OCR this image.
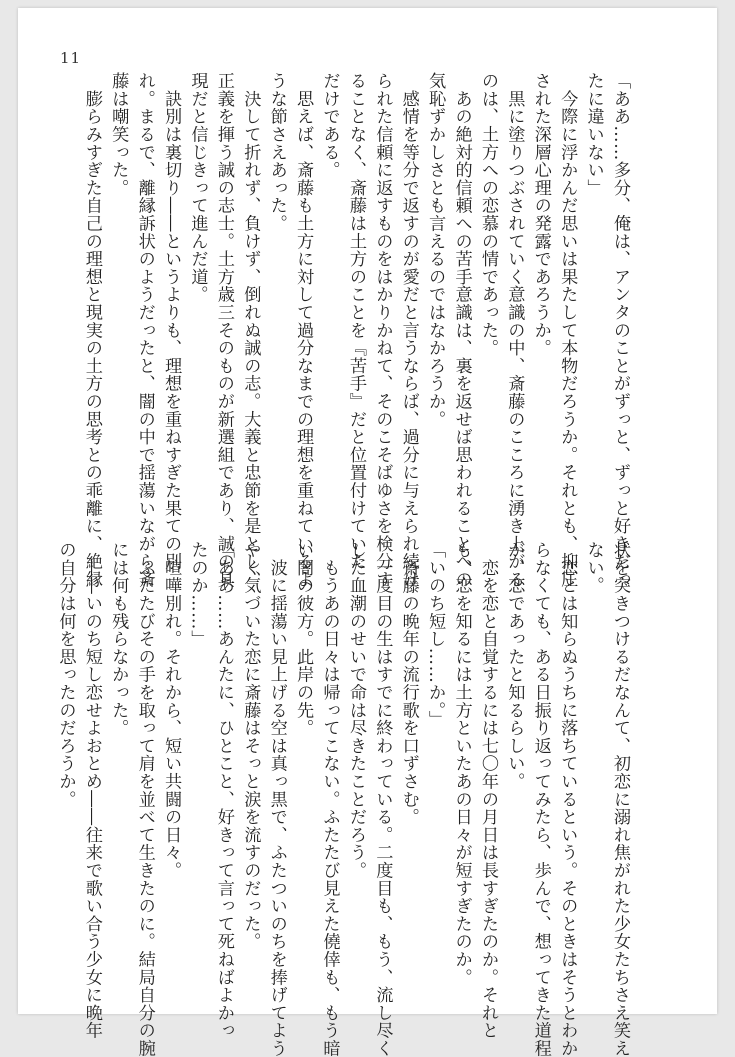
11
「ああ……多分、俺は、アンタのことがずっと、ずっと好きだっ
たに違いない」
　今際に浮かんだ思いは果たして本物だろうか。それとも、抑圧
された深層心理の発露であろうか。
　黒に塗りつぶされていく意識の中、斎藤のこころに湧き上がる
のは、土方への恋慕の情であった。
　あの絶対的信頼への苦手意識は、裏を返せば思われることへの
気恥ずかしさとも言えるのではなかろうか。
　感情を等分で返すのが愛だと言うならば、過分に与えられ続け
られた信頼に返すものをはかりかねて、そのこそばゆさを検分す
ることなく、斎藤は土方のことを『苦手』だと位置付けていた
だけである。
　思えば、斎藤も土方に対して過分なまでの理想を重ねているよ
うな節さえあった。
　決して折れず、負けず、倒れぬ誠の志。大義と忠節を是とし、
正義を揮う誠の志士。土方歳三そのものが新選組であり、誠の具
現だと信じきって進んだ道。
　訣別は裏切り――というよりも、理想を重ねすぎた果ての別
れ。まるで、離縁訴状のようだったと、闇の中で揺蕩いながら斎
藤は嘲笑った。
　膨らみすぎた自己の理想と現実の土方の思考との乖離に、絶縁
状を突きつけるだなんて、初恋に溺れ焦がれた少女たちさえ笑え
ない。
　恋とは知らぬうちに落ちているという。そのときはそうとわか
らなくても、ある日振り返ってみたら、歩んで、想ってきた道程
が、恋であったと知るらしい。
　恋を恋と自覚するには七〇年の月日は長すぎたのか。それと
も、恋を知るには土方といたあの日々が短すぎたのか。
「いのち短し……か。」
　斎藤の晩年の流行歌を口ずさむ。
　一度目の生はすでに終わっている。二度目も、もう、流し尽く
した血潮のせいで命は尽きたことだろう。
　もうあの日々は帰ってこない。ふたたび見えた僥倖も、もう暗
い闇の彼方。此岸の先。
　波に揺蕩い見上げる空は真っ黒で、ふたついのちを捧げてよう
やく気づいた恋に斎藤はそっと涙を流すのだった。
「ああ……あんたに、ひとこと、好きって言って死ねばよかっ
たのか……」
　喧嘩別れ。それから、短い共闘の日々。
　ふたたびその手を取って肩を並べて生きたのに。結局自分の腕
には何も残らなかった。
　――いのち短し恋せよおとめ――往来で歌い合う少女に晩年
の自分は何を思ったのだろうか。
